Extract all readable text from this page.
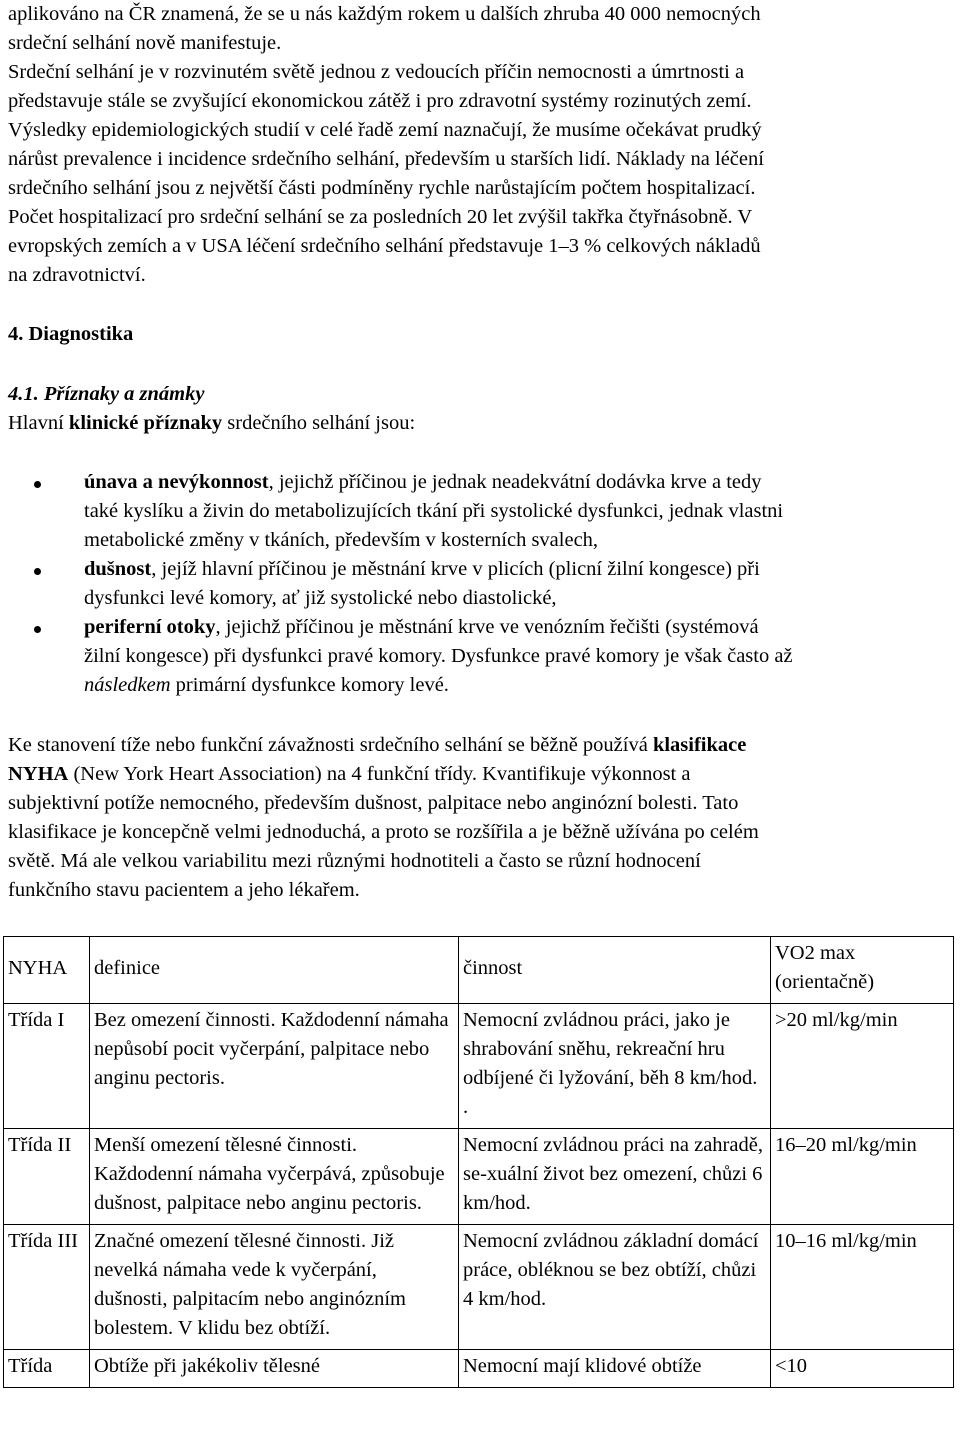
aplikováno na ČR znamená, že se u nás každým rokem u dalších zhruba 40 000 nemocných
srdeční selhání nově manifestuje.
Srdeční selhání je v rozvinutém světě jednou z vedoucích příčin nemocnosti a úmrtnosti a
představuje stále se zvyšující ekonomickou zátěž i pro zdravotní systémy rozinutých zemí.
Výsledky epidemiologických studií v celé řadě zemí naznačují, že musíme očekávat prudký
nárůst prevalence i incidence srdečního selhání, především u starších lidí. Náklady na léčení
srdečního selhání jsou z největší části podmíněny rychle narůstajícím počtem hospitalizací.
Počet hospitalizací pro srdeční selhání se za posledních 20 let zvýšil takřka čtyřnásobně. V
evropských zemích a v USA léčení srdečního selhání představuje 1–3 % celkových nákladů
na zdravotnictví.
4. Diagnostika
4.1. Příznaky a známky
Hlavní klinické příznaky srdečního selhání jsou:
únava a nevýkonnost, jejichž příčinou je jednak neadekvátní dodávka krve a tedy
také kyslíku a živin do metabolizujících tkání při systolické dysfunkci, jednak vlastni
metabolické změny v tkáních, především v kosterních svalech,
dušnost, jejíž hlavní příčinou je městnání krve v plicích (plicní žilní kongesce) při
dysfunkci levé komory, ať již systolické nebo diastolické,
periferní otoky, jejichž příčinou je městnání krve ve venózním řečišti (systémová
žilní kongesce) při dysfunkci pravé komory. Dysfunkce pravé komory je však často až
následkem primární dysfunkce komory levé.
Ke stanovení tíže nebo funkční závažnosti srdečního selhání se běžně používá klasifikace
NYHA (New York Heart Association) na 4 funkční třídy. Kvantifikuje výkonnost a
subjektivní potíže nemocného, především dušnost, palpitace nebo anginózní bolesti. Tato
klasifikace je koncepčně velmi jednoduchá, a proto se rozšířila a je běžně užívána po celém
světě. Má ale velkou variabilitu mezi různými hodnotiteli a často se různí hodnocení
funkčního stavu pacientem a jeho lékařem.
NYHA	definice	činnost	VO2 max (orientačně)
Třída I	Bez omezení činnosti. Každodenní námaha nepůsobí pocit vyčerpání, palpitace nebo anginu pectoris.	Nemocní zvládnou práci, jako je shrabování sněhu, rekreační hru odbíjené či lyžování, běh 8 km/hod. .	>20 ml/kg/min
Třída II	Menší omezení tělesné činnosti. Každodenní námaha vyčerpává, způsobuje dušnost, palpitace nebo anginu pectoris.	Nemocní zvládnou práci na zahradě, se-xuální život bez omezení, chůzi 6 km/hod.	16–20 ml/kg/min
Třída III	Značné omezení tělesné činnosti. Již nevelká námaha vede k vyčerpání, dušnosti, palpitacím nebo anginózním bolestem. V klidu bez obtíží.	Nemocní zvládnou základní domácí práce, obléknou se bez obtíží, chůzi 4 km/hod.	10–16 ml/kg/min
Třída	Obtíže při jakékoliv tělesné	Nemocní mají klidové obtíže	<10
